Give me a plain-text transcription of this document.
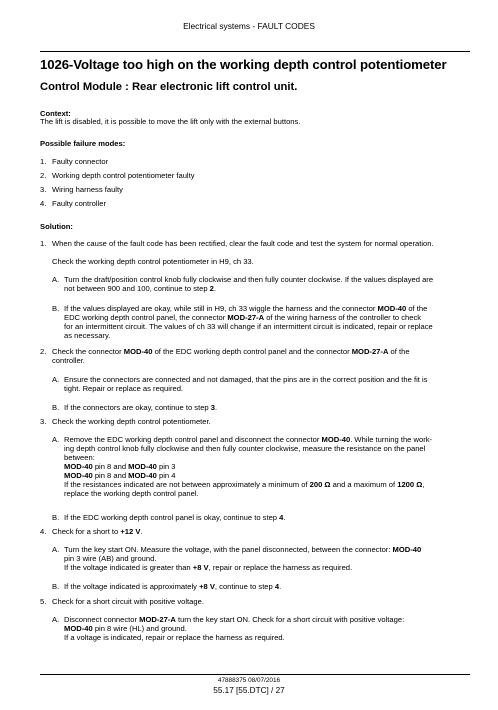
Electrical systems - FAULT CODES
1026-Voltage too high on the working depth control potentiometer
Control Module : Rear electronic lift control unit.
Context:
The lift is disabled, it is possible to move the lift only with the external buttons.
Possible failure modes:
1. Faulty connector
2. Working depth control potentiometer faulty
3. Wiring harness faulty
4. Faulty controller
Solution:
1. When the cause of the fault code has been rectified, clear the fault code and test the system for normal operation.
Check the working depth control potentiometer in H9, ch 33.
A. Turn the draft/position control knob fully clockwise and then fully counter clockwise. If the values displayed are
not between 900 and 100, continue to step 2.
B. If the values displayed are okay, while still in H9, ch 33 wiggle the harness and the connector MOD-40 of the
EDC working depth control panel, the connector MOD-27-A of the wiring harness of the controller to check
for an intermittent circuit. The values of ch 33 will change if an intermittent circuit is indicated, repair or replace
as necessary.
2. Check the connector MOD-40 of the EDC working depth control panel and the connector MOD-27-A of the
controller.
A. Ensure the connectors are connected and not damaged, that the pins are in the correct position and the fit is
tight. Repair or replace as required.
B. If the connectors are okay, continue to step 3.
3. Check the working depth control potentiometer.
A. Remove the EDC working depth control panel and disconnect the connector MOD-40. While turning the work-
ing depth control knob fully clockwise and then fully counter clockwise, measure the resistance on the panel
between:
MOD-40 pin 8 and MOD-40 pin 3
MOD-40 pin 8 and MOD-40 pin 4
If the resistances indicated are not between approximately a minimum of 200 Ω and a maximum of 1200 Ω,
replace the working depth control panel.
B. If the EDC working depth control panel is okay, continue to step 4.
4. Check for a short to +12 V.
A. Turn the key start ON. Measure the voltage, with the panel disconnected, between the connector: MOD-40
pin 3 wire (AB) and ground.
If the voltage indicated is greater than +8 V, repair or replace the harness as required.
B. If the voltage indicated is approximately +8 V, continue to step 4.
5. Check for a short circuit with positive voltage.
A. Disconnect connector MOD-27-A turn the key start ON. Check for a short circuit with positive voltage:
MOD-40 pin 8 wire (HL) and ground.
If a voltage is indicated, repair or replace the harness as required.
47888375 08/07/2016
55.17 [55.DTC] / 27
